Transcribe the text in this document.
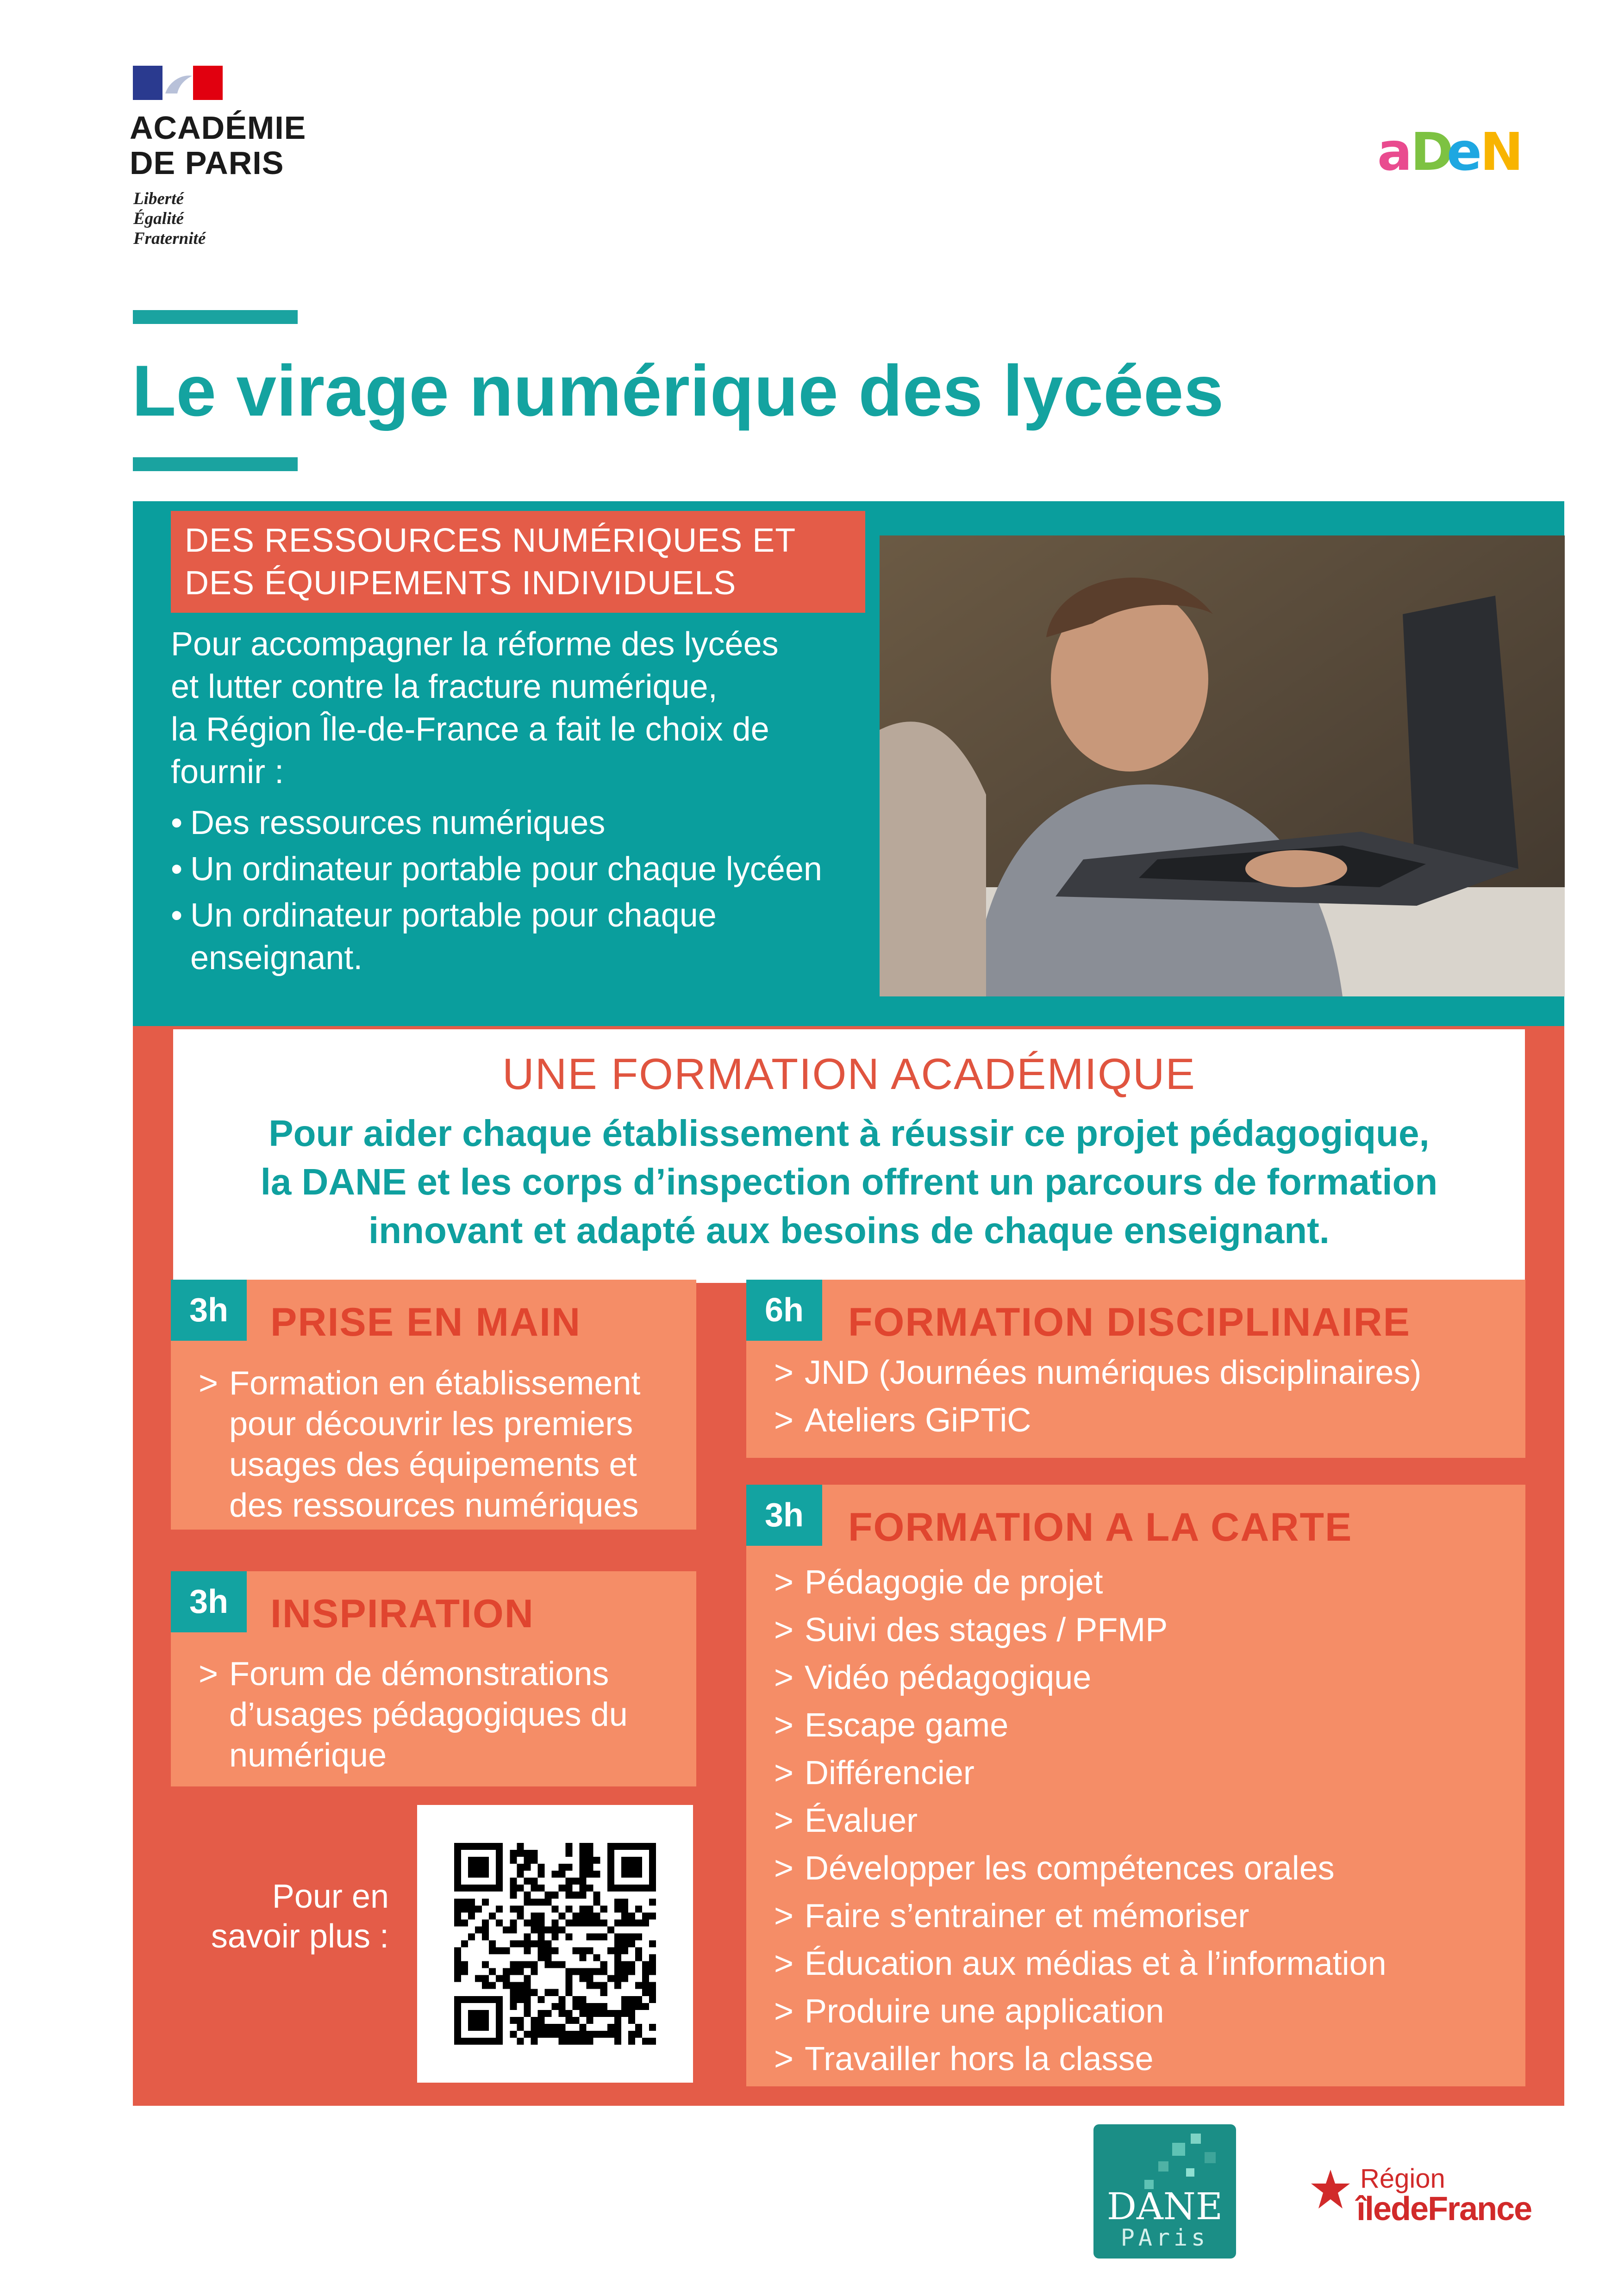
ACADÉMIE
DE PARIS
Liberté
Égalité
Fraternité
a
D
e
N
Le virage numérique des lycées
DES RESSOURCES NUMÉRIQUES ET
DES ÉQUIPEMENTS INDIVIDUELS

Pour accompagner la réforme des lycées

et lutter contre la fracture numérique,

la Région Île-de-France a fait le choix de

fournir :

• Des ressources numériques
• Un ordinateur portable pour chaque lycéen
• Un ordinateur portable pour chaque enseignant.
UNE FORMATION ACADÉMIQUE
Pour aider chaque établissement à réussir ce projet pédagogique,
la DANE et les corps d’inspection offrent un parcours de formation
innovant et adapté aux besoins de chaque enseignant.
3h	PRISE EN MAIN
> Formation en établissement pour découvrir les premiers usages des équipements et des ressources numériques
3h	INSPIRATION
> Forum de démonstrations d’usages pédagogiques du numérique
6h	FORMATION DISCIPLINAIRE
> JND (Journées numériques disciplinaires)
> Ateliers GiPTiC
3h	FORMATION A LA CARTE
> Pédagogie de projet
> Suivi des stages / PFMP
> Vidéo pédagogique
> Escape game
> Différencier
> Évaluer
> Développer les compétences orales
> Faire s’entrainer et mémoriser
> Éducation aux médias et à l’information
> Produire une application
> Travailler hors la classe
Pour en
savoir plus :
DANE
PAris
Région
îledeFrance
